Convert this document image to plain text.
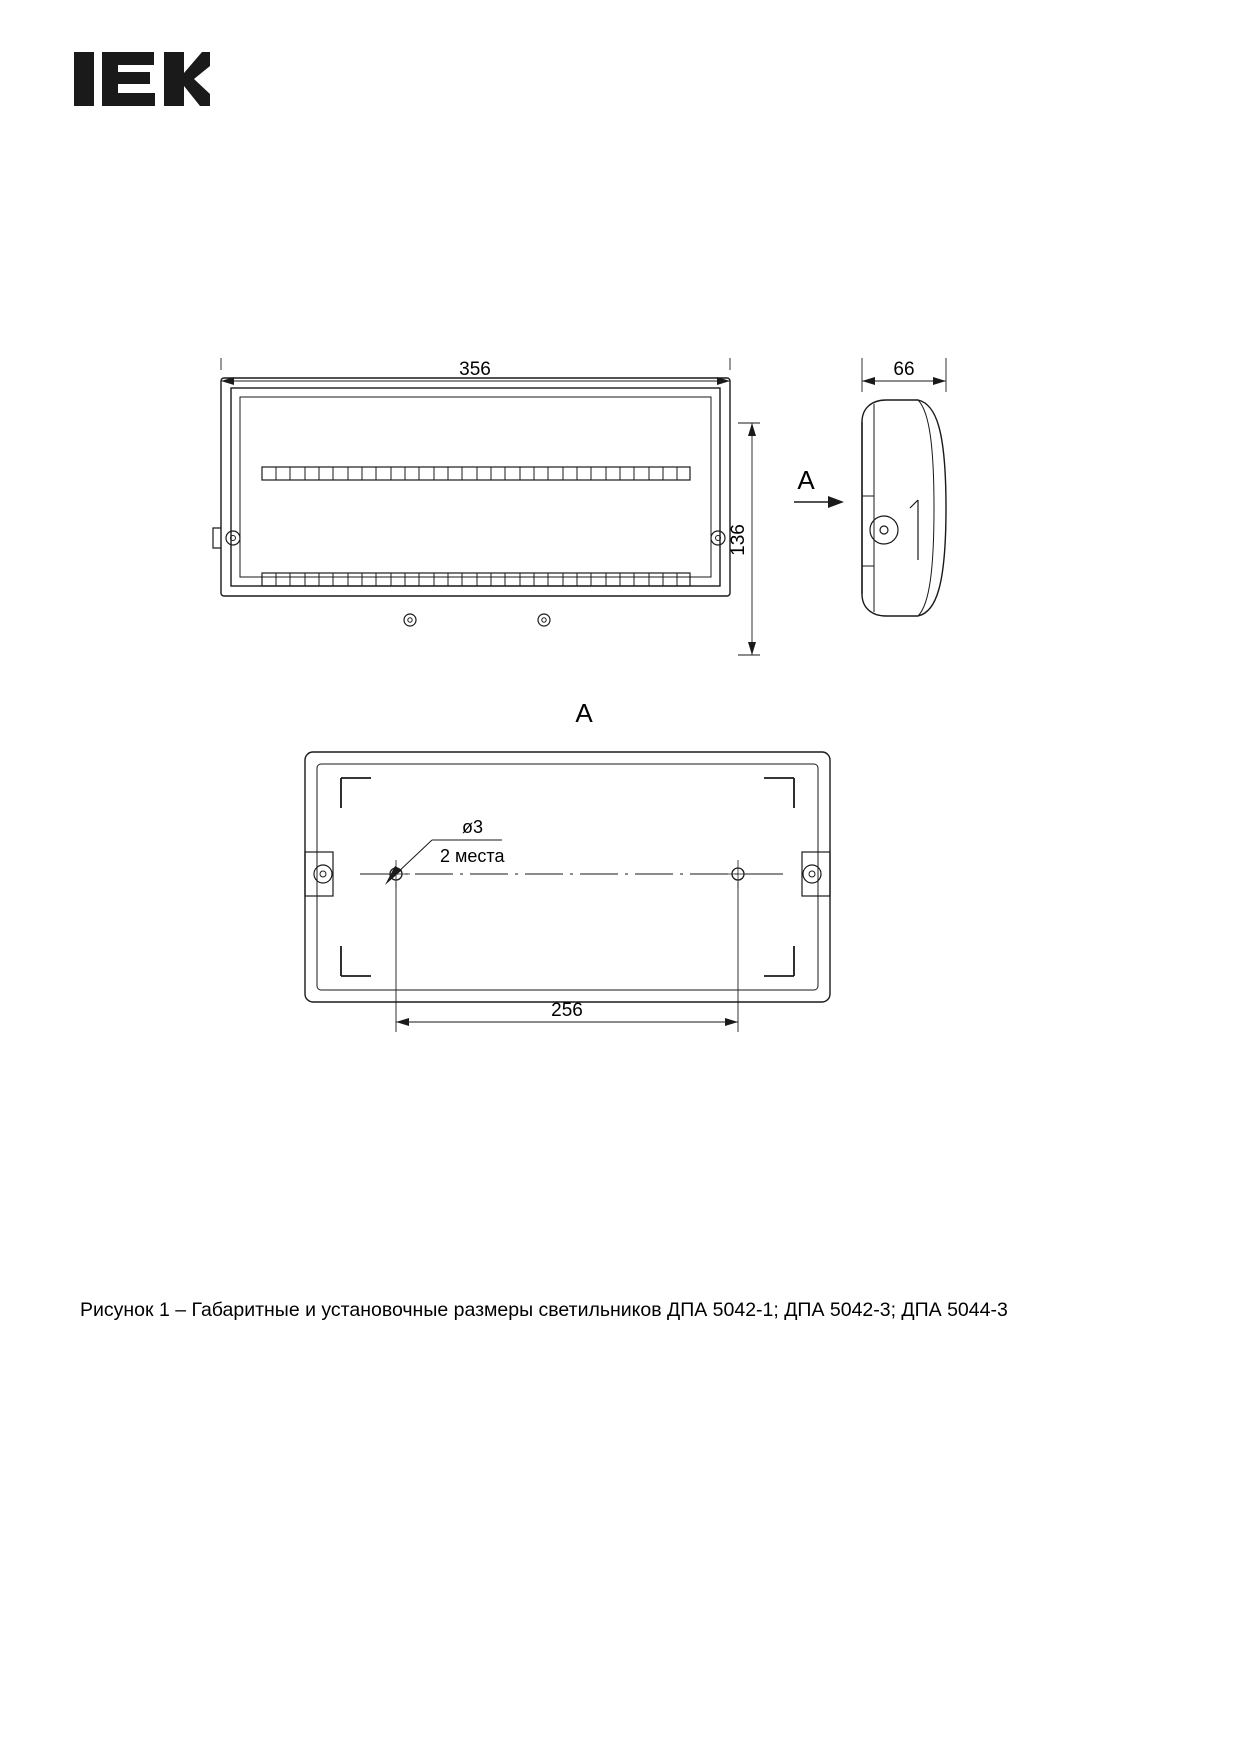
356
136
66
A
A
ø3
2 места
256
Рисунок 1 – Габаритные и установочные размеры светильников ДПА 5042-1; ДПА 5042-3; ДПА 5044-3
